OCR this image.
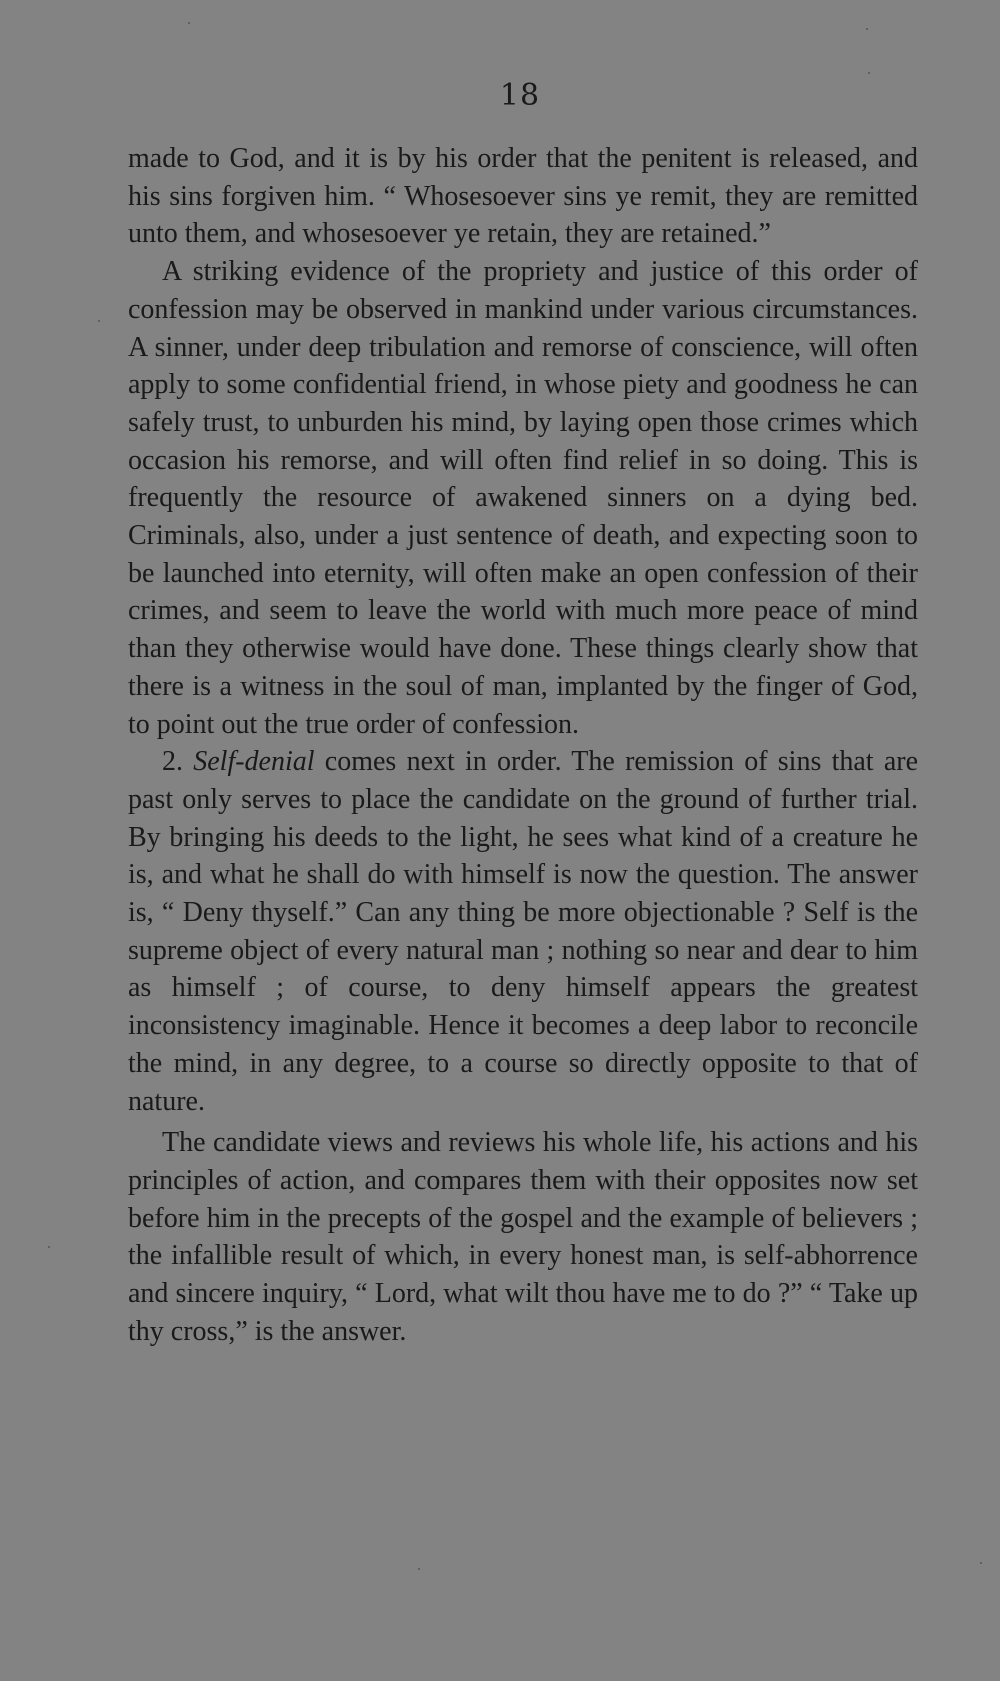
18

made to God, and it is by his order that the penitent is released, and his sins forgiven him. “ Whosesoever sins ye remit, they are remitted unto them, and whosesoever ye retain, they are retained.”

A striking evidence of the propriety and justice of this order of confession may be observed in mankind under various circumstances. A sinner, under deep tribulation and remorse of conscience, will often apply to some confidential friend, in whose piety and goodness he can safely trust, to unburden his mind, by laying open those crimes which occasion his remorse, and will often find relief in so doing. This is frequently the resource of awakened sinners on a dying bed. Criminals, also, under a just sentence of death, and expecting soon to be launched into eternity, will often make an open confession of their crimes, and seem to leave the world with much more peace of mind than they otherwise would have done. These things clearly show that there is a witness in the soul of man, implanted by the finger of God, to point out the true order of confession.

2. Self-denial comes next in order. The remission of sins that are past only serves to place the candidate on the ground of further trial. By bringing his deeds to the light, he sees what kind of a creature he is, and what he shall do with himself is now the question. The answer is, “ Deny thyself.” Can any thing be more objectionable ? Self is the supreme object of every natural man ; nothing so near and dear to him as himself ; of course, to deny himself appears the greatest inconsistency imaginable. Hence it becomes a deep labor to reconcile the mind, in any degree, to a course so directly opposite to that of nature.

The candidate views and reviews his whole life, his actions and his principles of action, and compares them with their opposites now set before him in the precepts of the gospel and the example of believers ; the infallible result of which, in every honest man, is self-abhorrence and sincere inquiry, “ Lord, what wilt thou have me to do ?” “ Take up thy cross,” is the answer.
